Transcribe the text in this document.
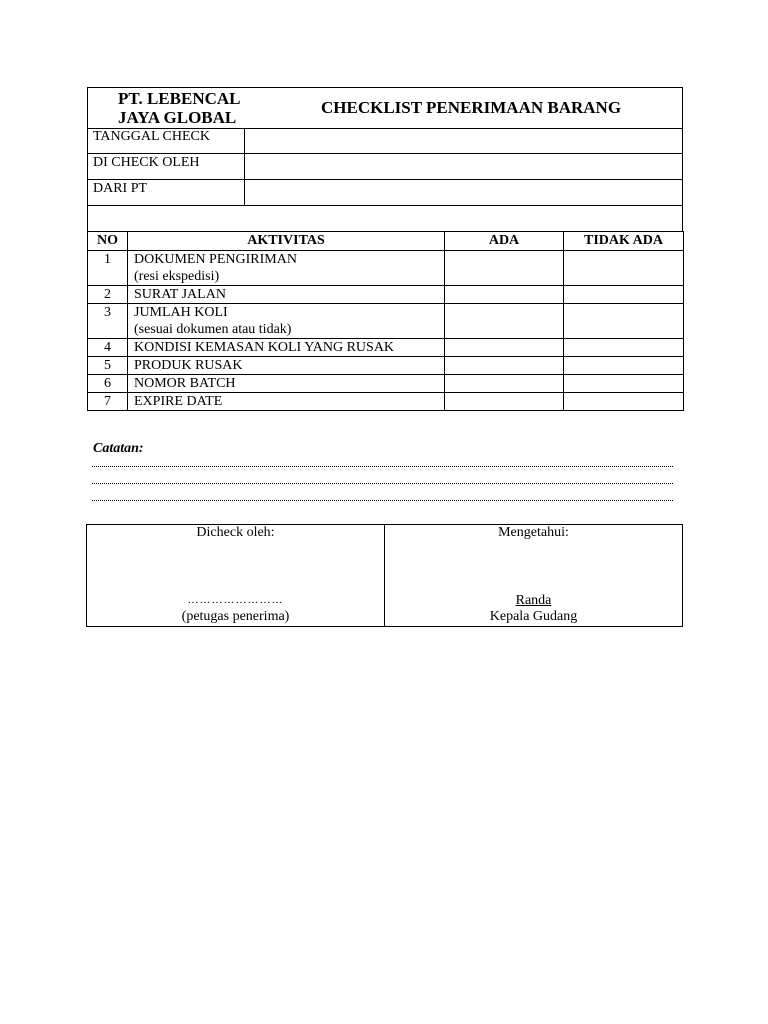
PT. LEBENCAL
JAYA GLOBAL
CHECKLIST PENERIMAAN BARANG
TANGGAL CHECK
DI CHECK OLEH
DARI PT
NO	AKTIVITAS	ADA	TIDAK ADA
1	DOKUMEN PENGIRIMAN
(resi ekspedisi)		

2	SURAT JALAN		
3	JUMLAH KOLI
(sesuai dokumen atau tidak)		

4	KONDISI KEMASAN KOLI YANG RUSAK		
5	PRODUK RUSAK		
6	NOMOR BATCH		
7	EXPIRE DATE		
Catatan:
Dicheck oleh:
……………………
(petugas penerima)
Mengetahui:
Randa
Kepala Gudang
